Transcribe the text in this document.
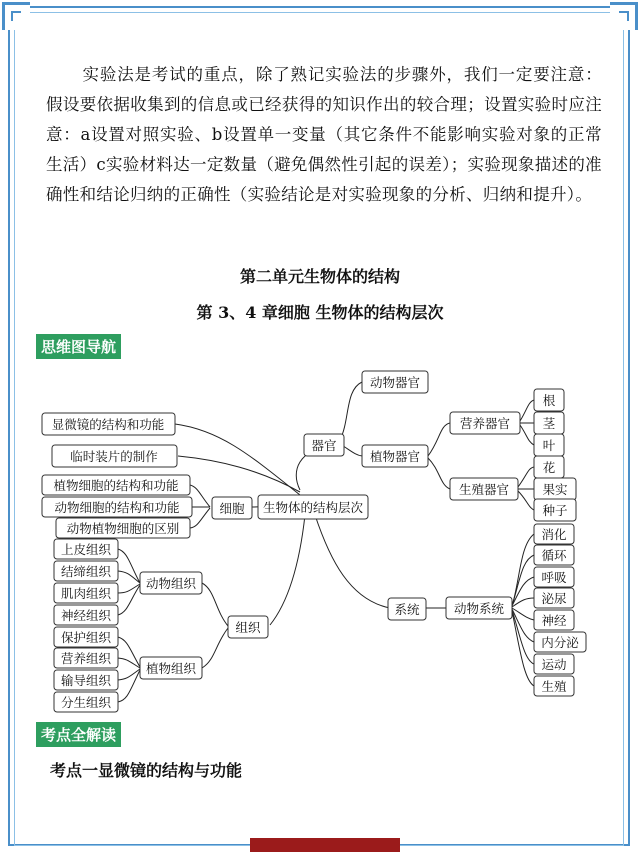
实验法是考试的重点，除了熟记实验法的步骤外，我们一定要注意：假设要依据收集到的信息或已经获得的知识作出的较合理；设置实验时应注意：a设置对照实验、b设置单一变量（其它条件不能影响实验对象的正常生活）c实验材料达一定数量（避免偶然性引起的误差）；实验现象描述的准确性和结论归纳的正确性（实验结论是对实验现象的分析、归纳和提升）。
第二单元生物体的结构
第 3、4 章细胞 生物体的结构层次
思维图导航
生物体的结构层次
器官
动物器官
植物器官
营养器官
生殖器官
根
茎
叶
花
果实
种子
显微镜的结构和功能
临时装片的制作
细胞
植物细胞的结构和功能
动物细胞的结构和功能
动物植物细胞的区别
组织
动物组织
植物组织
上皮组织
结缔组织
肌肉组织
神经组织
保护组织
营养组织
输导组织
分生组织
系统	动物系统
消化
循环
呼吸
泌尿
神经
内分泌
运动
生殖
考点全解读
考点一显微镜的结构与功能
